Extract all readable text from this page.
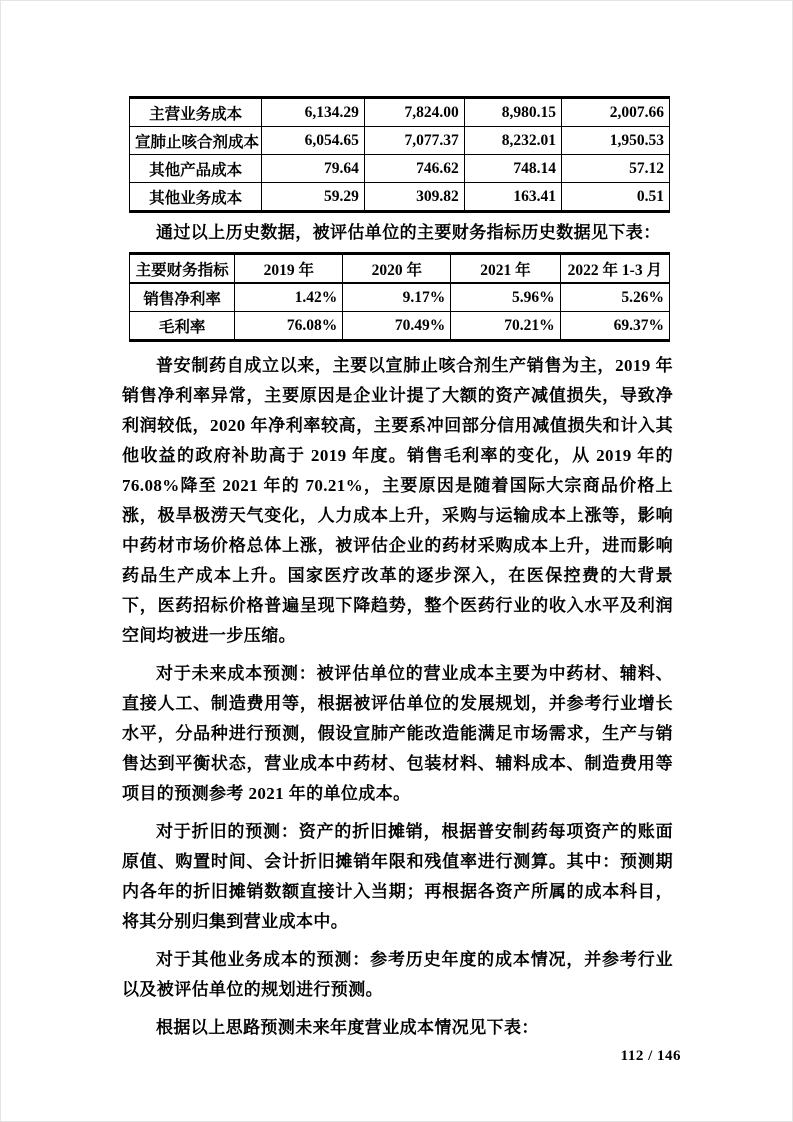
主营业务成本	6,134.29	7,824.00	8,980.15	2,007.66
宣肺止咳合剂成本	6,054.65	7,077.37	8,232.01	1,950.53
其他产品成本	79.64	746.62	748.14	57.12
其他业务成本	59.29	309.82	163.41	0.51
通过以上历史数据，被评估单位的主要财务指标历史数据见下表：
主要财务指标	2019 年	2020 年	2021 年	2022 年 1-3 月
销售净利率	1.42%	9.17%	5.96%	5.26%
毛利率	76.08%	70.49%	70.21%	69.37%
普安制药自成立以来，主要以宣肺止咳合剂生产销售为主，2019 年销售净利率异常，主要原因是企业计提了大额的资产减值损失，导致净利润较低，2020 年净利率较高，主要系冲回部分信用减值损失和计入其他收益的政府补助高于 2019 年度。销售毛利率的变化，从 2019 年的 76.08%降至 2021 年的 70.21%，主要原因是随着国际大宗商品价格上涨，极旱极涝天气变化，人力成本上升，采购与运输成本上涨等，影响中药材市场价格总体上涨，被评估企业的药材采购成本上升，进而影响药品生产成本上升。国家医疗改革的逐步深入，在医保控费的大背景下，医药招标价格普遍呈现下降趋势，整个医药行业的收入水平及利润空间均被进一步压缩。
对于未来成本预测：被评估单位的营业成本主要为中药材、辅料、直接人工、制造费用等，根据被评估单位的发展规划，并参考行业增长水平，分品种进行预测，假设宣肺产能改造能满足市场需求，生产与销售达到平衡状态，营业成本中药材、包装材料、辅料成本、制造费用等项目的预测参考 2021 年的单位成本。
对于折旧的预测：资产的折旧摊销，根据普安制药每项资产的账面原值、购置时间、会计折旧摊销年限和残值率进行测算。其中：预测期内各年的折旧摊销数额直接计入当期；再根据各资产所属的成本科目，将其分别归集到营业成本中。
对于其他业务成本的预测：参考历史年度的成本情况，并参考行业以及被评估单位的规划进行预测。
根据以上思路预测未来年度营业成本情况见下表：
112 / 146
